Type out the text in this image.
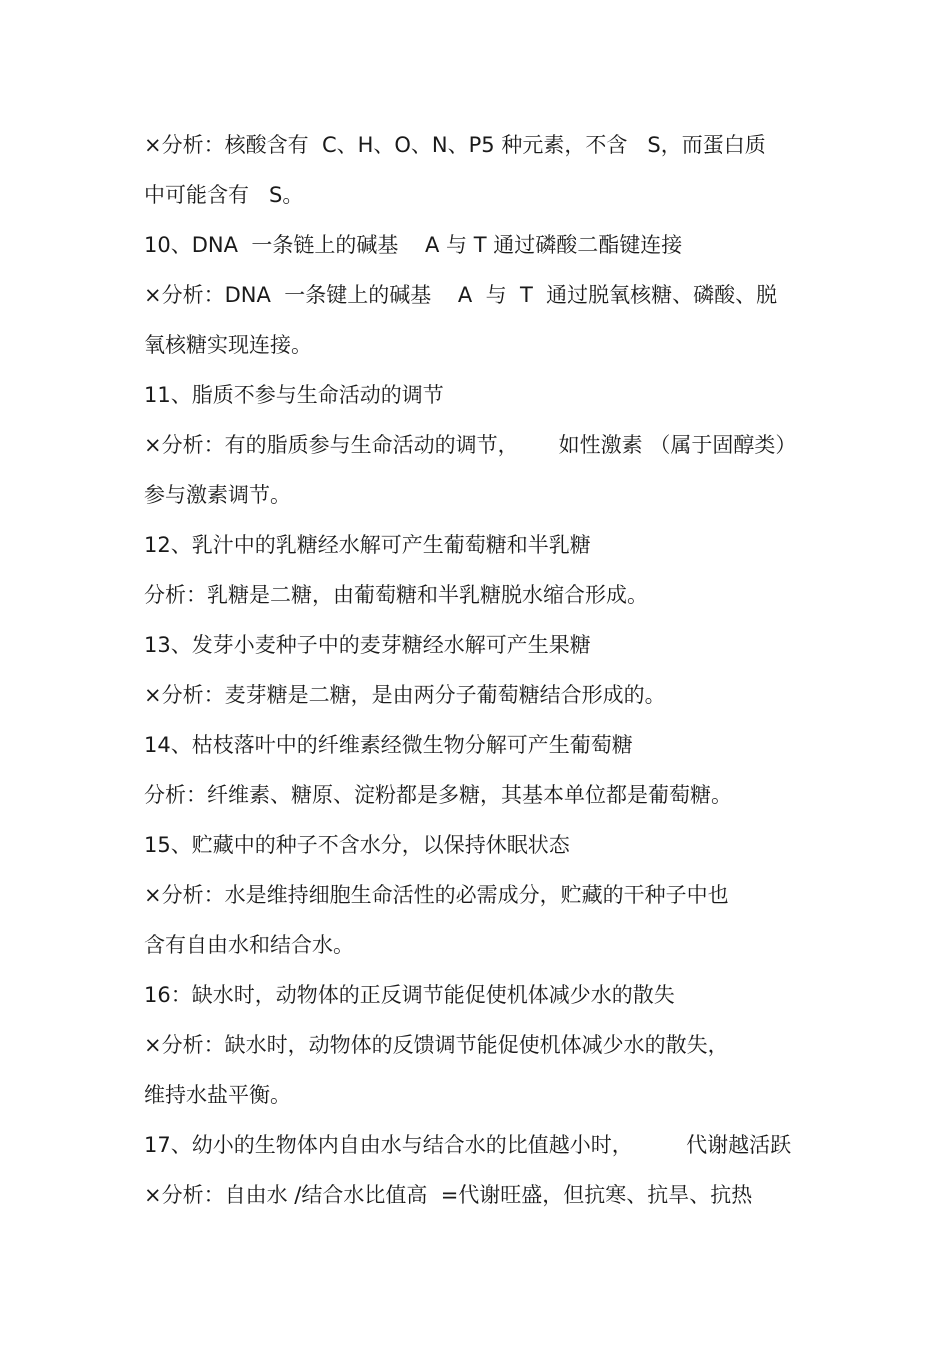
×分析：核酸含有  C、H、O、N、P5 种元素，不含   S，而蛋白质
中可能含有   S。
10、DNA  一条链上的碱基    A 与 T 通过磷酸二酯键连接
×分析：DNA  一条键上的碱基    A  与  T  通过脱氧核糖、磷酸、脱
氧核糖实现连接。
11、脂质不参与生命活动的调节
×分析：有的脂质参与生命活动的调节，      如性激素 （属于固醇类）
参与激素调节。
12、乳汁中的乳糖经水解可产生葡萄糖和半乳糖
分析：乳糖是二糖，由葡萄糖和半乳糖脱水缩合形成。
13、发芽小麦种子中的麦芽糖经水解可产生果糖
×分析：麦芽糖是二糖，是由两分子葡萄糖结合形成的。
14、枯枝落叶中的纤维素经微生物分解可产生葡萄糖
分析：纤维素、糖原、淀粉都是多糖，其基本单位都是葡萄糖。
15、贮藏中的种子不含水分，以保持休眠状态
×分析：水是维持细胞生命活性的必需成分，贮藏的干种子中也
含有自由水和结合水。
16：缺水时，动物体的正反调节能促使机体减少水的散失
×分析：缺水时，动物体的反馈调节能促使机体减少水的散失，
维持水盐平衡。
17、幼小的生物体内自由水与结合水的比值越小时，        代谢越活跃
×分析：自由水 /结合水比值高  =代谢旺盛，但抗寒、抗旱、抗热
